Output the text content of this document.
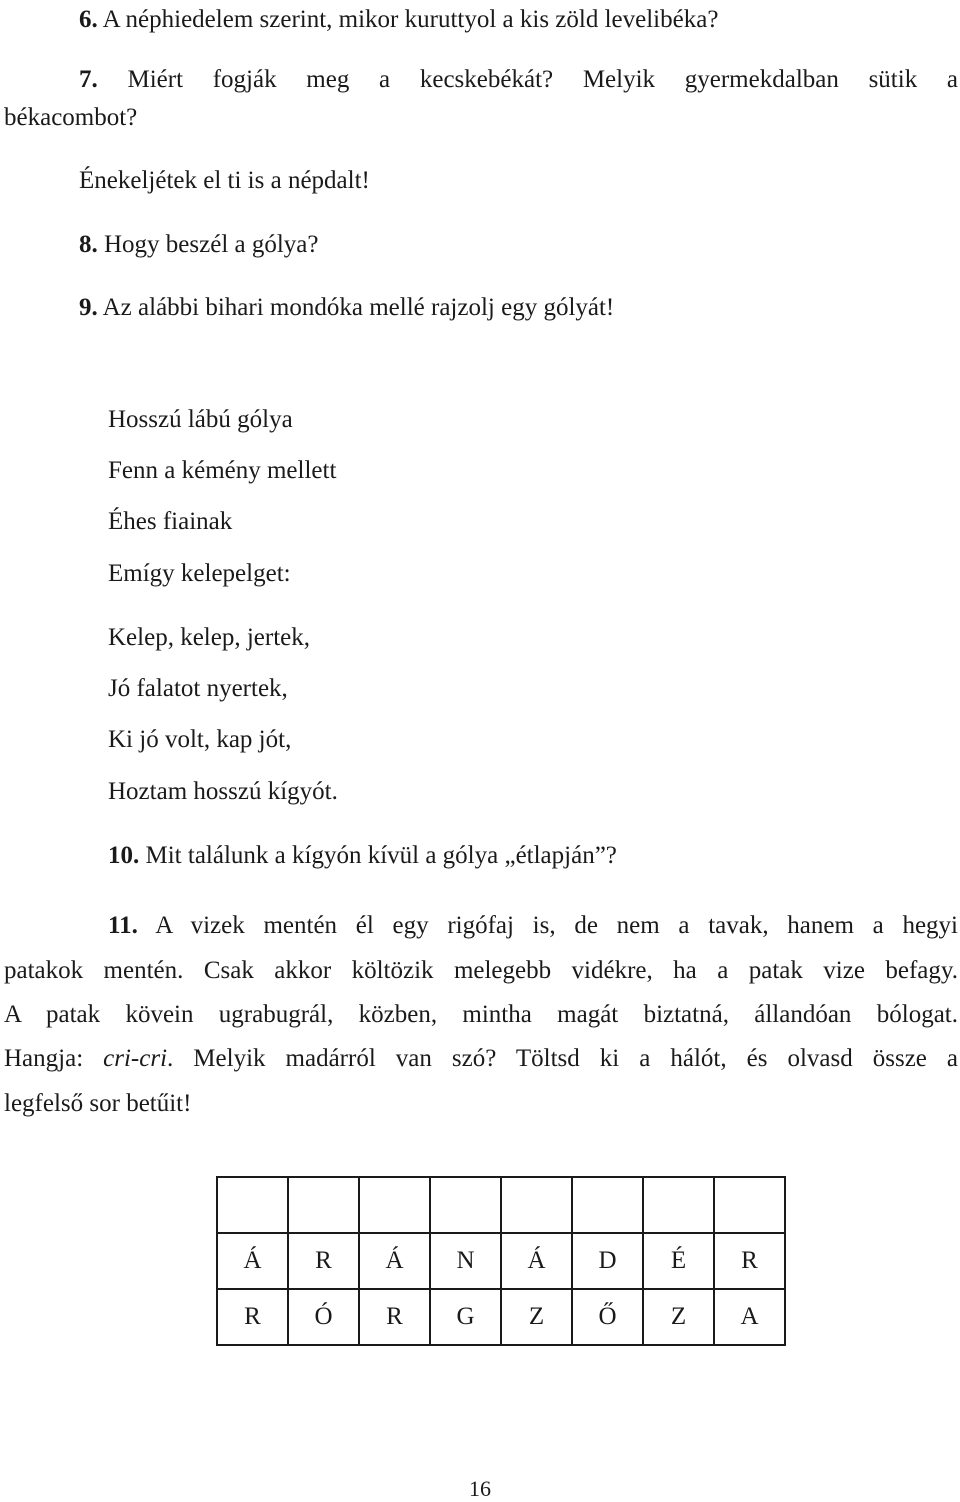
6. A néphiedelem szerint, mikor kuruttyol a kis zöld levelibéka?
7. Miért fogják meg a kecskebékát? Melyik gyermekdalban sütik a
békacombot?
Énekeljétek el ti is a népdalt!
8. Hogy beszél a gólya?
9. Az alábbi bihari mondóka mellé rajzolj egy gólyát!
Hosszú lábú gólya
Fenn a kémény mellett
Éhes fiainak
Emígy kelepelget:
Kelep, kelep, jertek,
Jó falatot nyertek,
Ki jó volt, kap jót,
Hoztam hosszú kígyót.
10. Mit találunk a kígyón kívül a gólya „étlapján”?
11. A vizek mentén él egy rigófaj is, de nem a tavak, hanem a hegyi
patakok mentén. Csak akkor költözik melegebb vidékre, ha a patak vize befagy.
A patak kövein ugrabugrál, közben, mintha magát biztatná, állandóan bólogat.
Hangja: cri-cri. Melyik madárról van szó? Töltsd ki a hálót, és olvasd össze a
legfelső sor betűit!

Á	R	Á	N	Á	D	É	R
R	Ó	R	G	Z	Ő	Z	A
16
